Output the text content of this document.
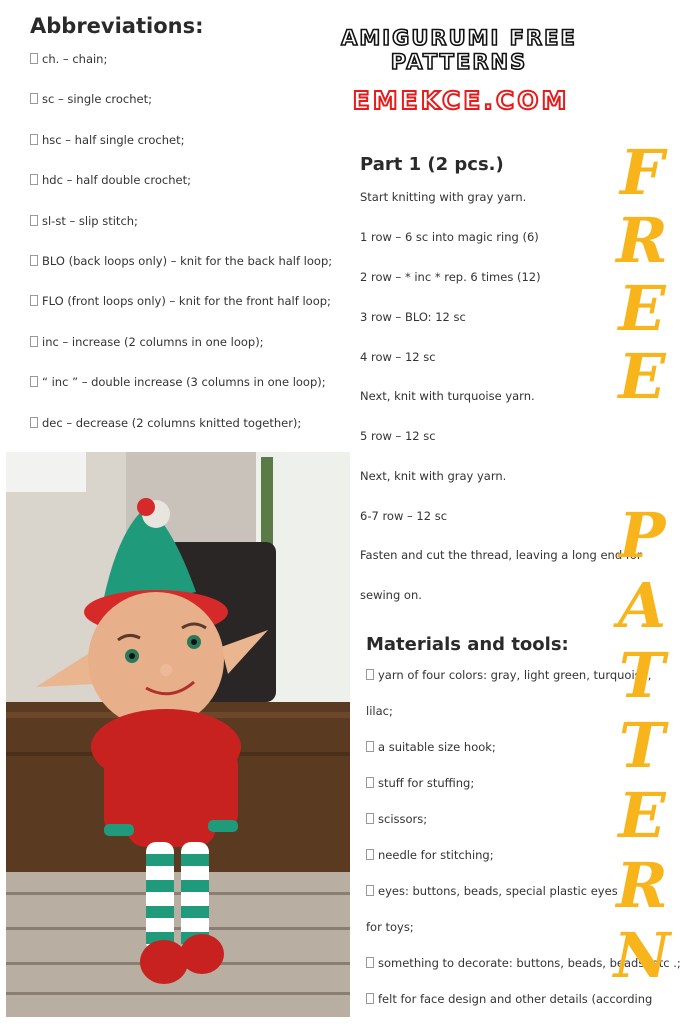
Abbreviations:
ch. – chain;
sc – single crochet;
hsc – half single crochet;
hdc – half double crochet;
sl-st – slip stitch;
BLO (back loops only) – knit for the back half loop;
FLO (front loops only) – knit for the front half loop;
inc – increase (2 columns in one loop);
“ inc ” – double increase (3 columns in one loop);
dec – decrease (2 columns knitted together);
AMIGURUMI FREE
PATTERNS
EMEKCE.COM
Part 1 (2 pcs.)
Start knitting with gray yarn.
1 row – 6 sc into magic ring (6)
2 row – * inc * rep. 6 times (12)
3 row – BLO: 12 sc
4 row – 12 sc
Next, knit with turquoise yarn.
5 row – 12 sc
Next, knit with gray yarn.
6-7 row – 12 sc
Fasten and cut the thread, leaving a long end for
sewing on.
Materials and tools:
yarn of four colors: gray, light green, turquoise,
lilac;
a suitable size hook;
stuff for stuffing;
scissors;
needle for stitching;
eyes: buttons, beads, special plastic eyes
for toys;
something to decorate: buttons, beads, beads, etc .;
felt for face design and other details (according
F
R
E
E
P
A
T
T
E
R
N
